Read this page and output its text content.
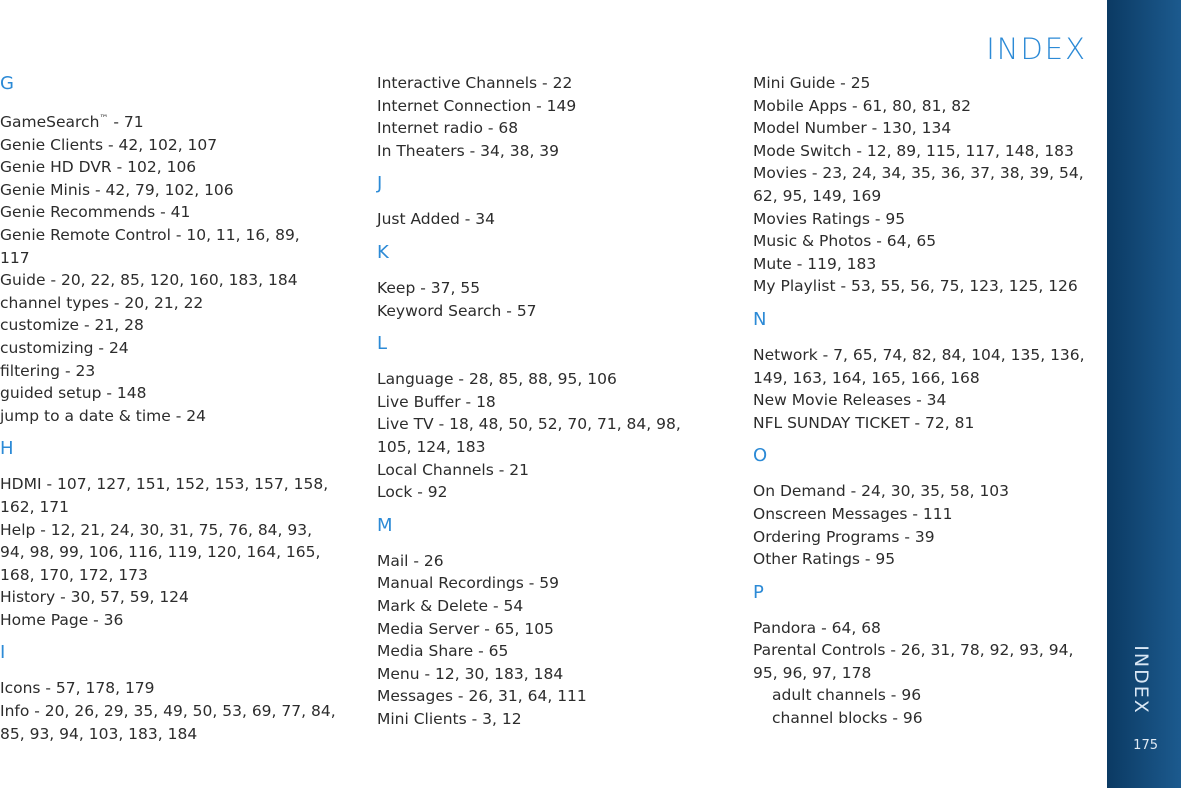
INDEX
G
GameSearch™ - 71
Genie Clients - 42, 102, 107
Genie HD DVR - 102, 106
Genie Minis - 42, 79, 102, 106
Genie Recommends - 41
Genie Remote Control - 10, 11, 16, 89,
117
Guide - 20, 22, 85, 120, 160, 183, 184
channel types - 20, 21, 22
customize - 21, 28
customizing - 24
filtering - 23
guided setup - 148
jump to a date & time - 24
H
HDMI - 107, 127, 151, 152, 153, 157, 158,
162, 171
Help - 12, 21, 24, 30, 31, 75, 76, 84, 93,
94, 98, 99, 106, 116, 119, 120, 164, 165,
168, 170, 172, 173
History - 30, 57, 59, 124
Home Page - 36
I
Icons - 57, 178, 179
Info - 20, 26, 29, 35, 49, 50, 53, 69, 77, 84,
85, 93, 94, 103, 183, 184
Interactive Channels - 22
Internet Connection - 149
Internet radio - 68
In Theaters - 34, 38, 39
J
Just Added - 34
K
Keep - 37, 55
Keyword Search - 57
L
Language - 28, 85, 88, 95, 106
Live Buffer - 18
Live TV - 18, 48, 50, 52, 70, 71, 84, 98,
105, 124, 183
Local Channels - 21
Lock - 92
M
Mail - 26
Manual Recordings - 59
Mark & Delete - 54
Media Server - 65, 105
Media Share - 65
Menu - 12, 30, 183, 184
Messages - 26, 31, 64, 111
Mini Clients - 3, 12
Mini Guide - 25
Mobile Apps - 61, 80, 81, 82
Model Number - 130, 134
Mode Switch - 12, 89, 115, 117, 148, 183
Movies - 23, 24, 34, 35, 36, 37, 38, 39, 54,
62, 95, 149, 169
Movies Ratings - 95
Music & Photos - 64, 65
Mute - 119, 183
My Playlist - 53, 55, 56, 75, 123, 125, 126
N
Network - 7, 65, 74, 82, 84, 104, 135, 136,
149, 163, 164, 165, 166, 168
New Movie Releases - 34
NFL SUNDAY TICKET - 72, 81
O
On Demand - 24, 30, 35, 58, 103
Onscreen Messages - 111
Ordering Programs - 39
Other Ratings - 95
P
Pandora - 64, 68
Parental Controls - 26, 31, 78, 92, 93, 94,
95, 96, 97, 178
adult channels - 96
channel blocks - 96
INDEX
175
